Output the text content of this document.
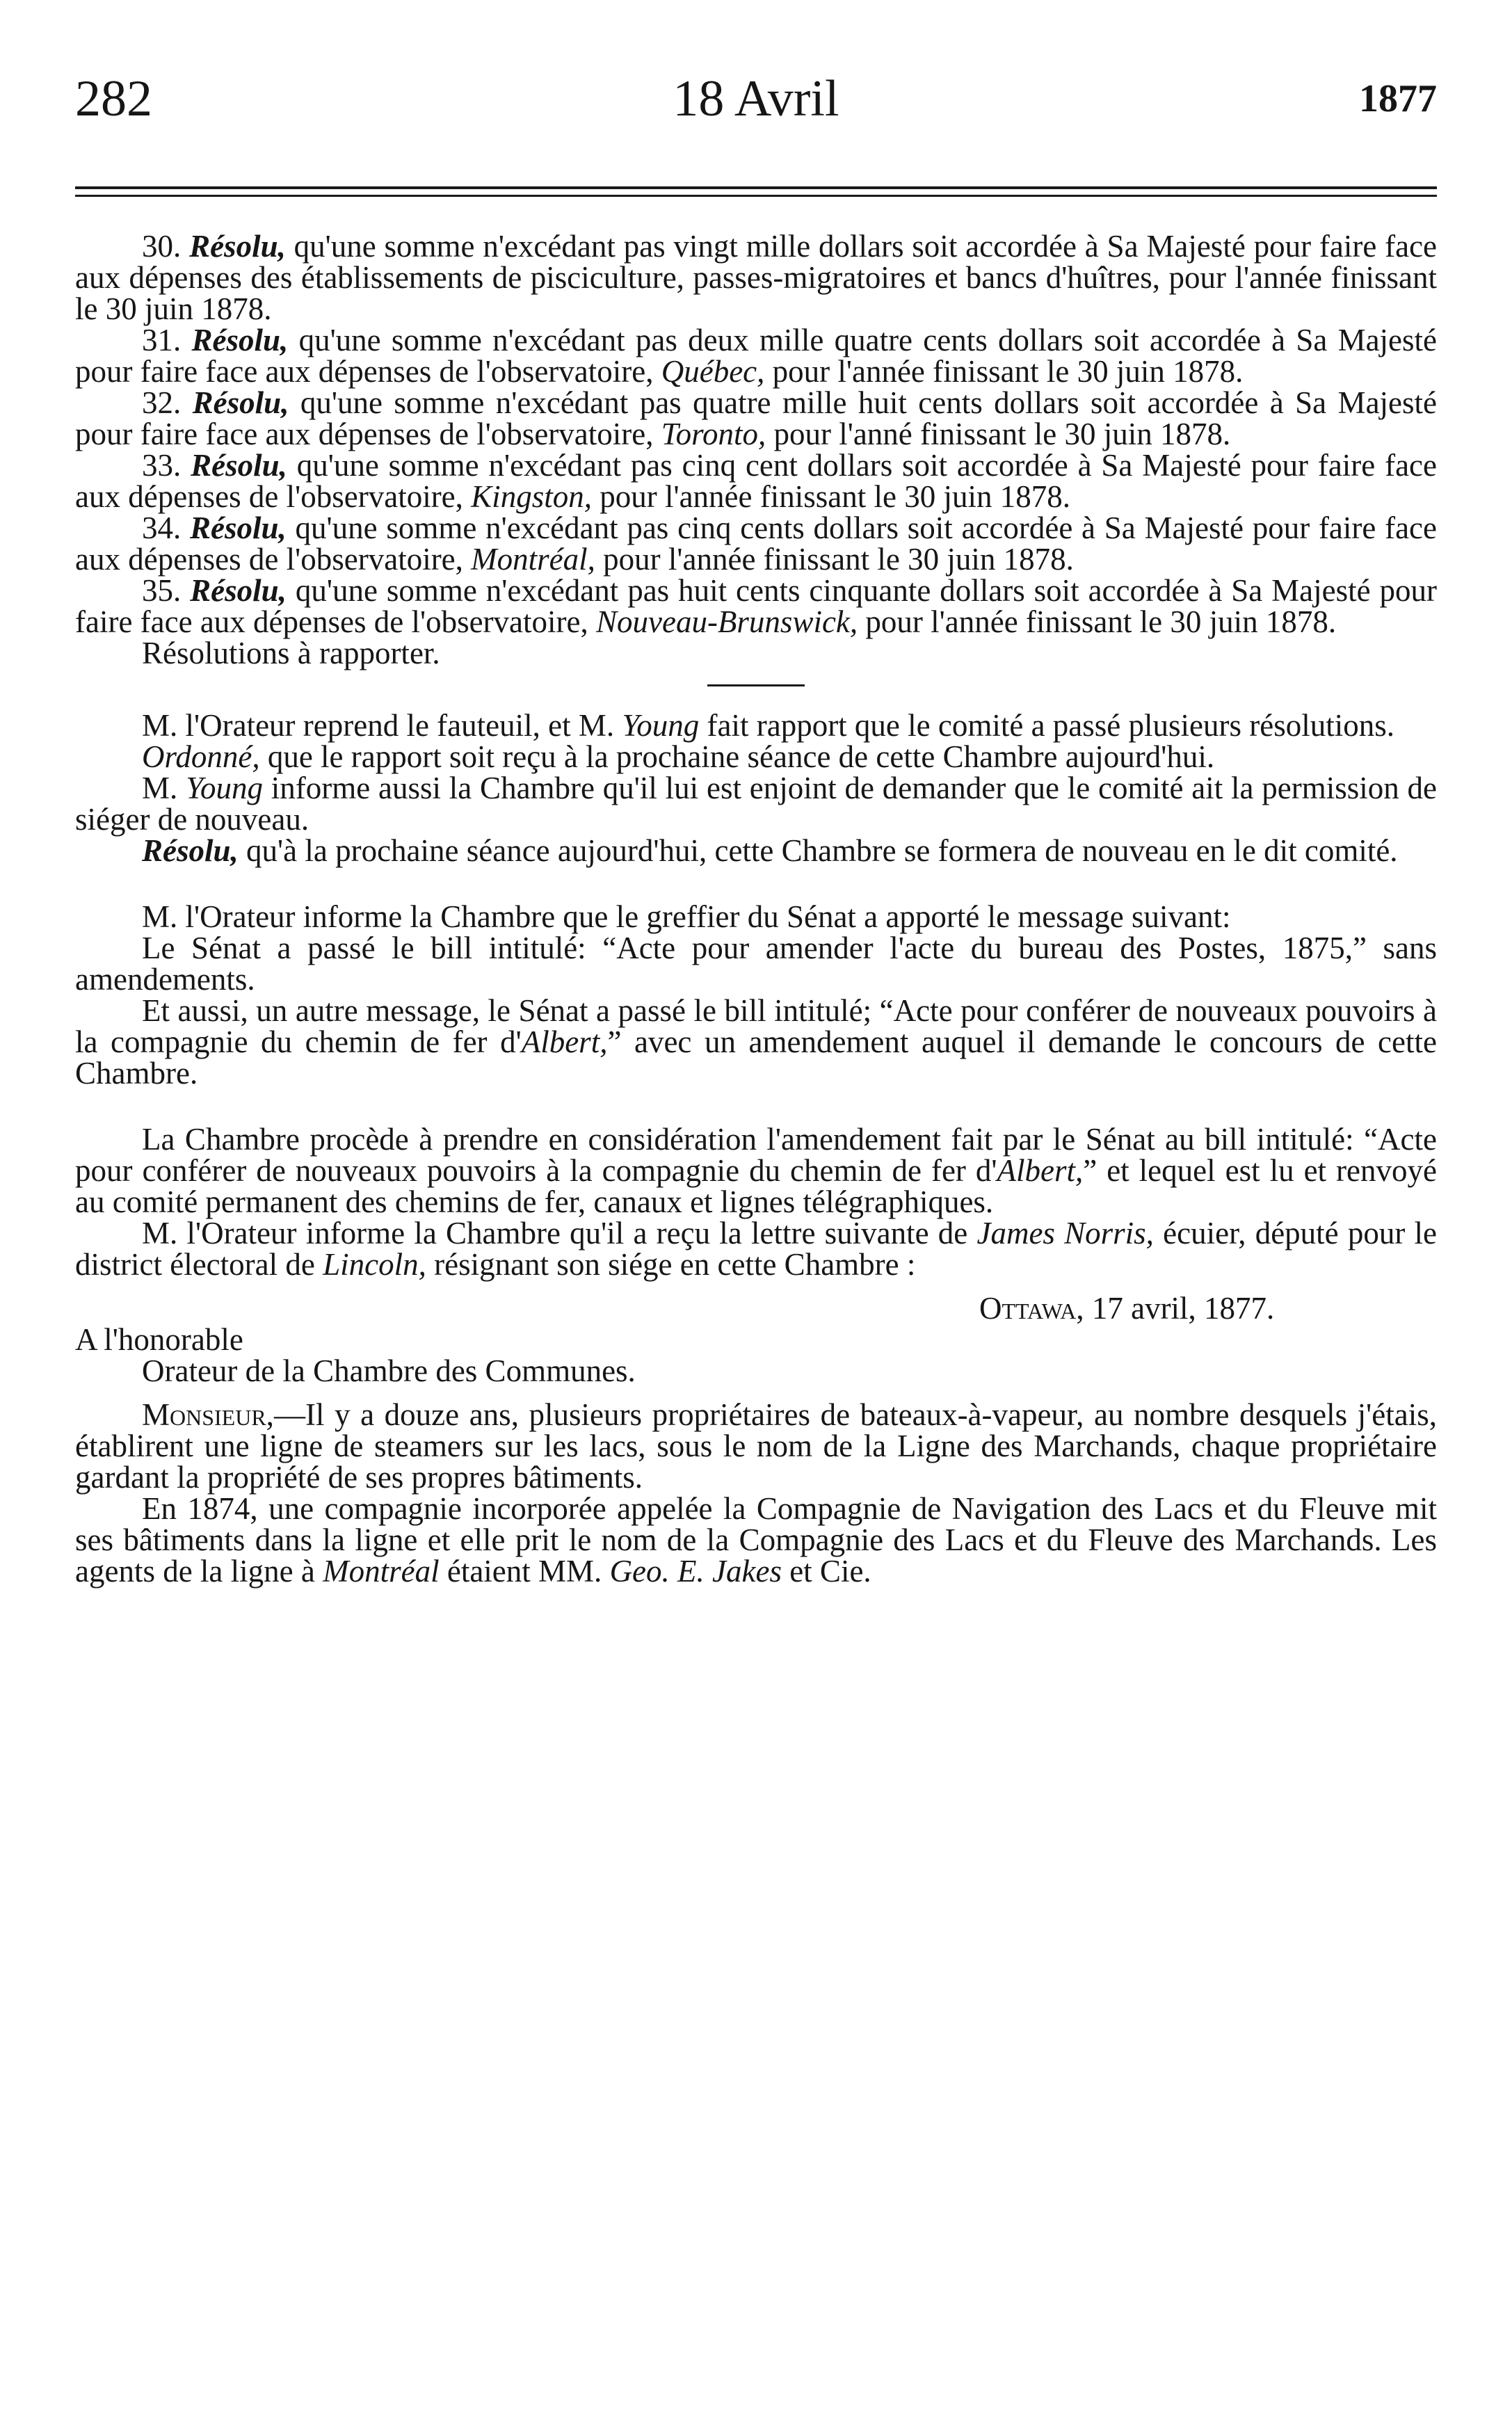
282	18 Avril	1877

30. Résolu, qu'une somme n'excédant pas vingt mille dollars soit accordée à Sa Majesté pour faire face aux dépenses des établissements de pisciculture, passes-migratoires et bancs d'huîtres, pour l'année finissant le 30 juin 1878.

31. Résolu, qu'une somme n'excédant pas deux mille quatre cents dollars soit accordée à Sa Majesté pour faire face aux dépenses de l'observatoire, Québec, pour l'année finissant le 30 juin 1878.

32. Résolu, qu'une somme n'excédant pas quatre mille huit cents dollars soit accordée à Sa Majesté pour faire face aux dépenses de l'observatoire, Toronto, pour l'anné finissant le 30 juin 1878.

33. Résolu, qu'une somme n'excédant pas cinq cent dollars soit accordée à Sa Majesté pour faire face aux dépenses de l'observatoire, Kingston, pour l'année finissant le 30 juin 1878.

34. Résolu, qu'une somme n'excédant pas cinq cents dollars soit accordée à Sa Majesté pour faire face aux dépenses de l'observatoire, Montréal, pour l'année finissant le 30 juin 1878.

35. Résolu, qu'une somme n'excédant pas huit cents cinquante dollars soit accordée à Sa Majesté pour faire face aux dépenses de l'observatoire, Nouveau-Brunswick, pour l'année finissant le 30 juin 1878.

Résolutions à rapporter.

M. l'Orateur reprend le fauteuil, et M. Young fait rapport que le comité a passé plusieurs résolutions.

Ordonné, que le rapport soit reçu à la prochaine séance de cette Chambre aujourd'hui.

M. Young informe aussi la Chambre qu'il lui est enjoint de demander que le comité ait la permission de siéger de nouveau.

Résolu, qu'à la prochaine séance aujourd'hui, cette Chambre se formera de nouveau en le dit comité.

M. l'Orateur informe la Chambre que le greffier du Sénat a apporté le message suivant:

Le Sénat a passé le bill intitulé: “Acte pour amender l'acte du bureau des Postes, 1875,” sans amendements.

Et aussi, un autre message, le Sénat a passé le bill intitulé; “Acte pour conférer de nouveaux pouvoirs à la compagnie du chemin de fer d'Albert,” avec un amendement auquel il demande le concours de cette Chambre.

La Chambre procède à prendre en considération l'amendement fait par le Sénat au bill intitulé: “Acte pour conférer de nouveaux pouvoirs à la compagnie du chemin de fer d'Albert,” et lequel est lu et renvoyé au comité permanent des chemins de fer, canaux et lignes télégraphiques.

M. l'Orateur informe la Chambre qu'il a reçu la lettre suivante de James Norris, écuier, député pour le district électoral de Lincoln, résignant son siége en cette Chambre :

Ottawa, 17 avril, 1877.

A l'honorable

Orateur de la Chambre des Communes.

Monsieur,—Il y a douze ans, plusieurs propriétaires de bateaux-à-vapeur, au nombre desquels j'étais, établirent une ligne de steamers sur les lacs, sous le nom de la Ligne des Marchands, chaque propriétaire gardant la propriété de ses propres bâtiments.

En 1874, une compagnie incorporée appelée la Compagnie de Navigation des Lacs et du Fleuve mit ses bâtiments dans la ligne et elle prit le nom de la Compagnie des Lacs et du Fleuve des Marchands. Les agents de la ligne à Montréal étaient MM. Geo. E. Jakes et Cie.
